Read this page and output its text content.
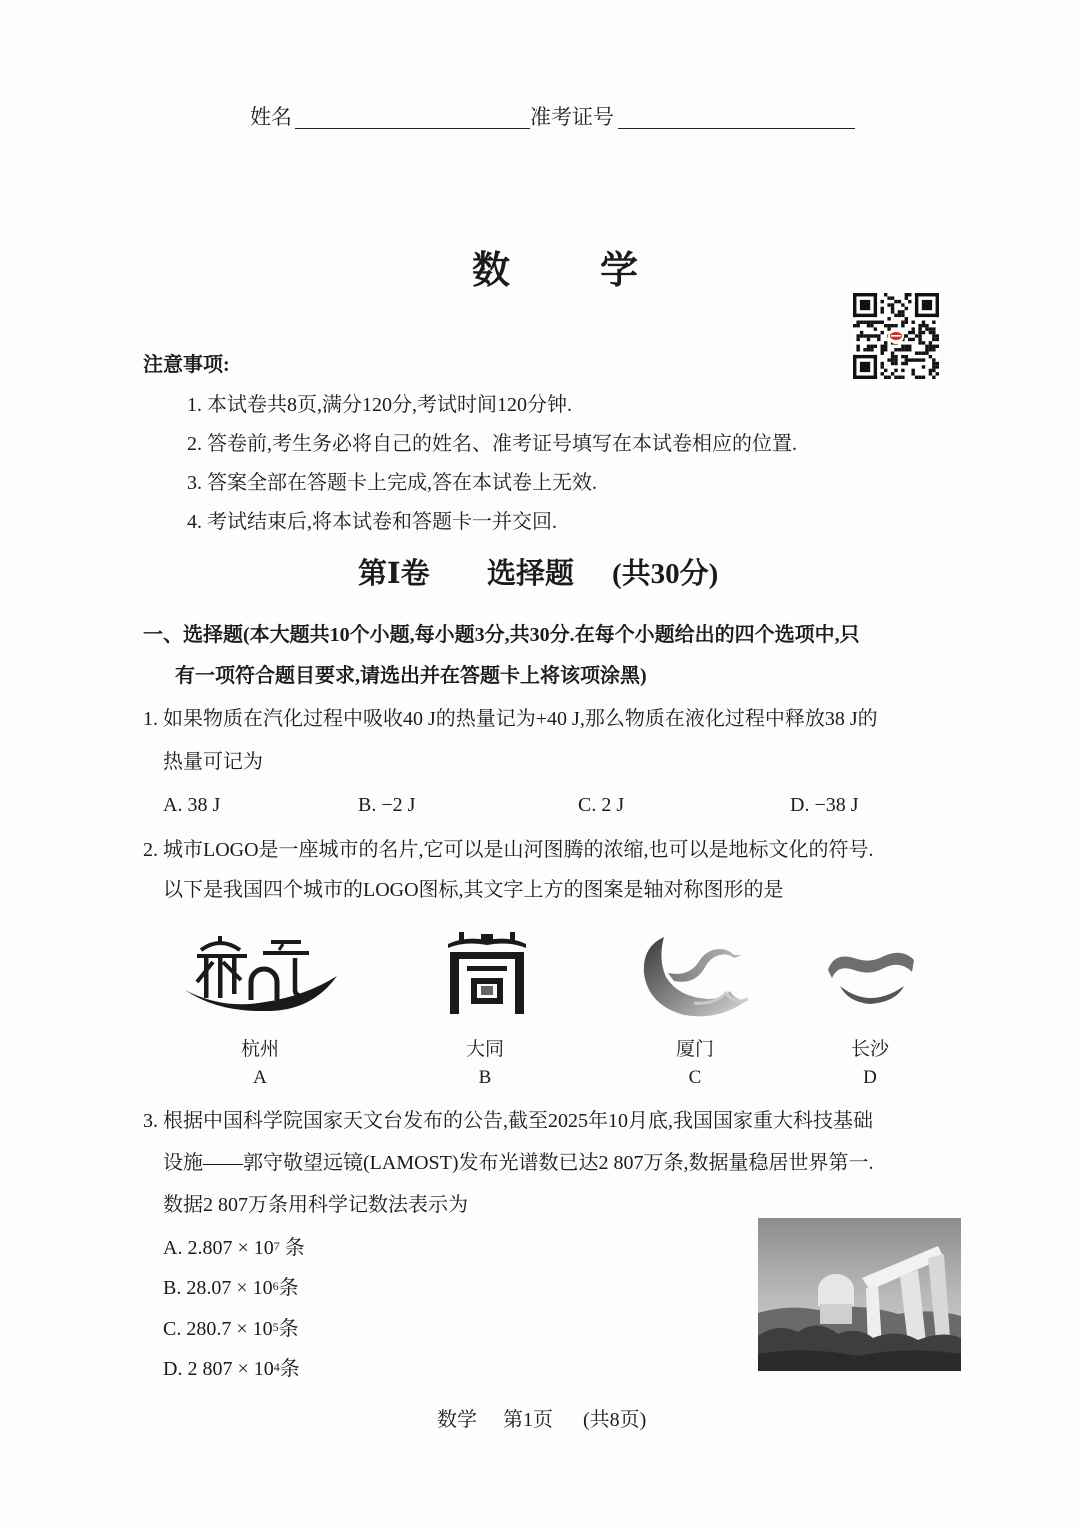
姓名	准考证号
数学
注意事项:
1. 本试卷共8页,满分120分,考试时间120分钟.
2. 答卷前,考生务必将自己的姓名、准考证号填写在本试卷相应的位置.
3. 答案全部在答题卡上完成,答在本试卷上无效.
4. 考试结束后,将本试卷和答题卡一并交回.
第Ⅰ卷 选择题 (共30分)
一、选择题(本大题共10个小题,每小题3分,共30分.在每个小题给出的四个选项中,只
有一项符合题目要求,请选出并在答题卡上将该项涂黑)
1. 如果物质在汽化过程中吸收40 J的热量记为+40 J,那么物质在液化过程中释放38 J的
热量可记为
A. 38 J	B. −2 J	C. 2 J	D. −38 J
2. 城市LOGO是一座城市的名片,它可以是山河图腾的浓缩,也可以是地标文化的符号.
以下是我国四个城市的LOGO图标,其文字上方的图案是轴对称图形的是
杭州
A
大同
B
厦门
C
长沙
D
3. 根据中国科学院国家天文台发布的公告,截至2025年10月底,我国国家重大科技基础
设施——郭守敬望远镜(LAMOST)发布光谱数已达2 807万条,数据量稳居世界第一.
数据2 807万条用科学记数法表示为
A. $2.807 \times 10^7$ 条
B. $28.07 \times 10^6$条
C. $280.7 \times 10^5$条
D. 2 $807 \times 10^4$条
数学 第1页 (共8页)
